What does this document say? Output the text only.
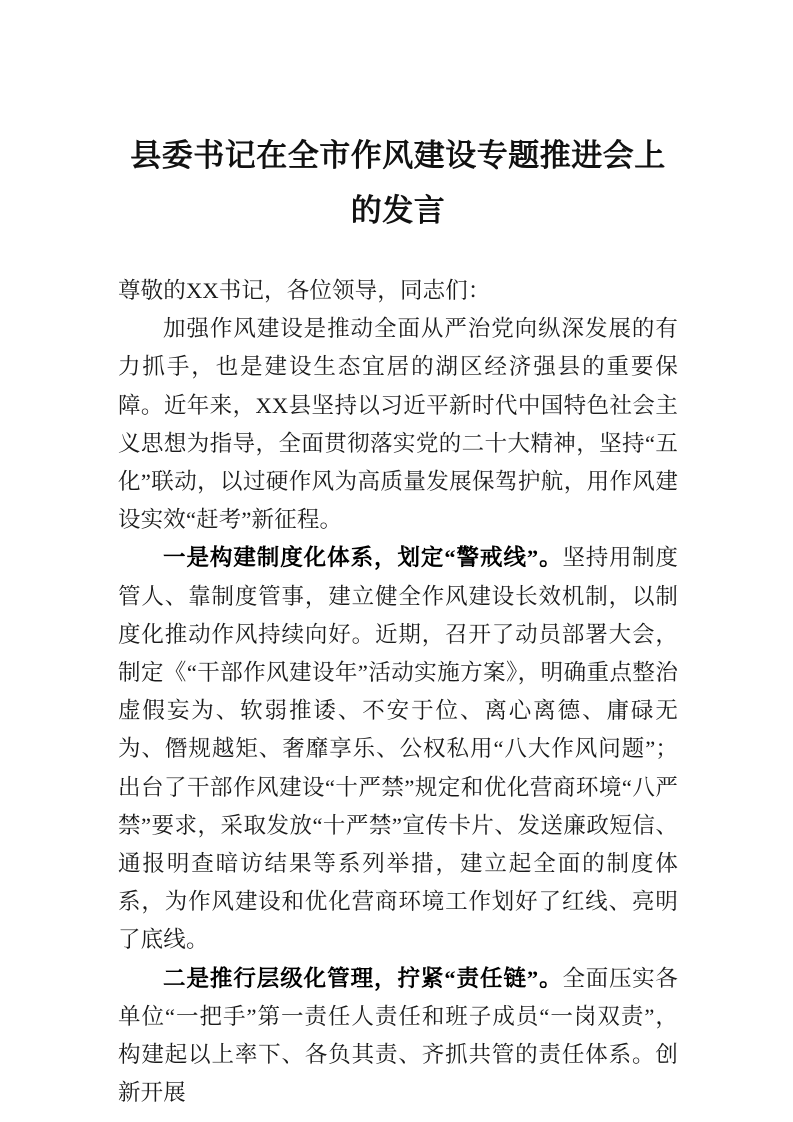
县委书记在全市作风建设专题推进会上的发言

尊敬的XX书记，各位领导，同志们：

加强作风建设是推动全面从严治党向纵深发展的有力抓手，也是建设生态宜居的湖区经济强县的重要保障。近年来，XX县坚持以习近平新时代中国特色社会主义思想为指导，全面贯彻落实党的二十大精神，坚持“五化”联动，以过硬作风为高质量发展保驾护航，用作风建设实效“赶考”新征程。

一是构建制度化体系，划定“警戒线”。坚持用制度管人、靠制度管事，建立健全作风建设长效机制，以制度化推动作风持续向好。近期，召开了动员部署大会，制定《“干部作风建设年”活动实施方案》，明确重点整治虚假妄为、软弱推诿、不安于位、离心离德、庸碌无为、僭规越矩、奢靡享乐、公权私用“八大作风问题”；出台了干部作风建设“十严禁”规定和优化营商环境“八严禁”要求，采取发放“十严禁”宣传卡片、发送廉政短信、通报明查暗访结果等系列举措，建立起全面的制度体系，为作风建设和优化营商环境工作划好了红线、亮明了底线。

二是推行层级化管理，拧紧“责任链”。全面压实各单位“一把手”第一责任人责任和班子成员“一岗双责”，构建起以上率下、各负其责、齐抓共管的责任体系。创新开展
